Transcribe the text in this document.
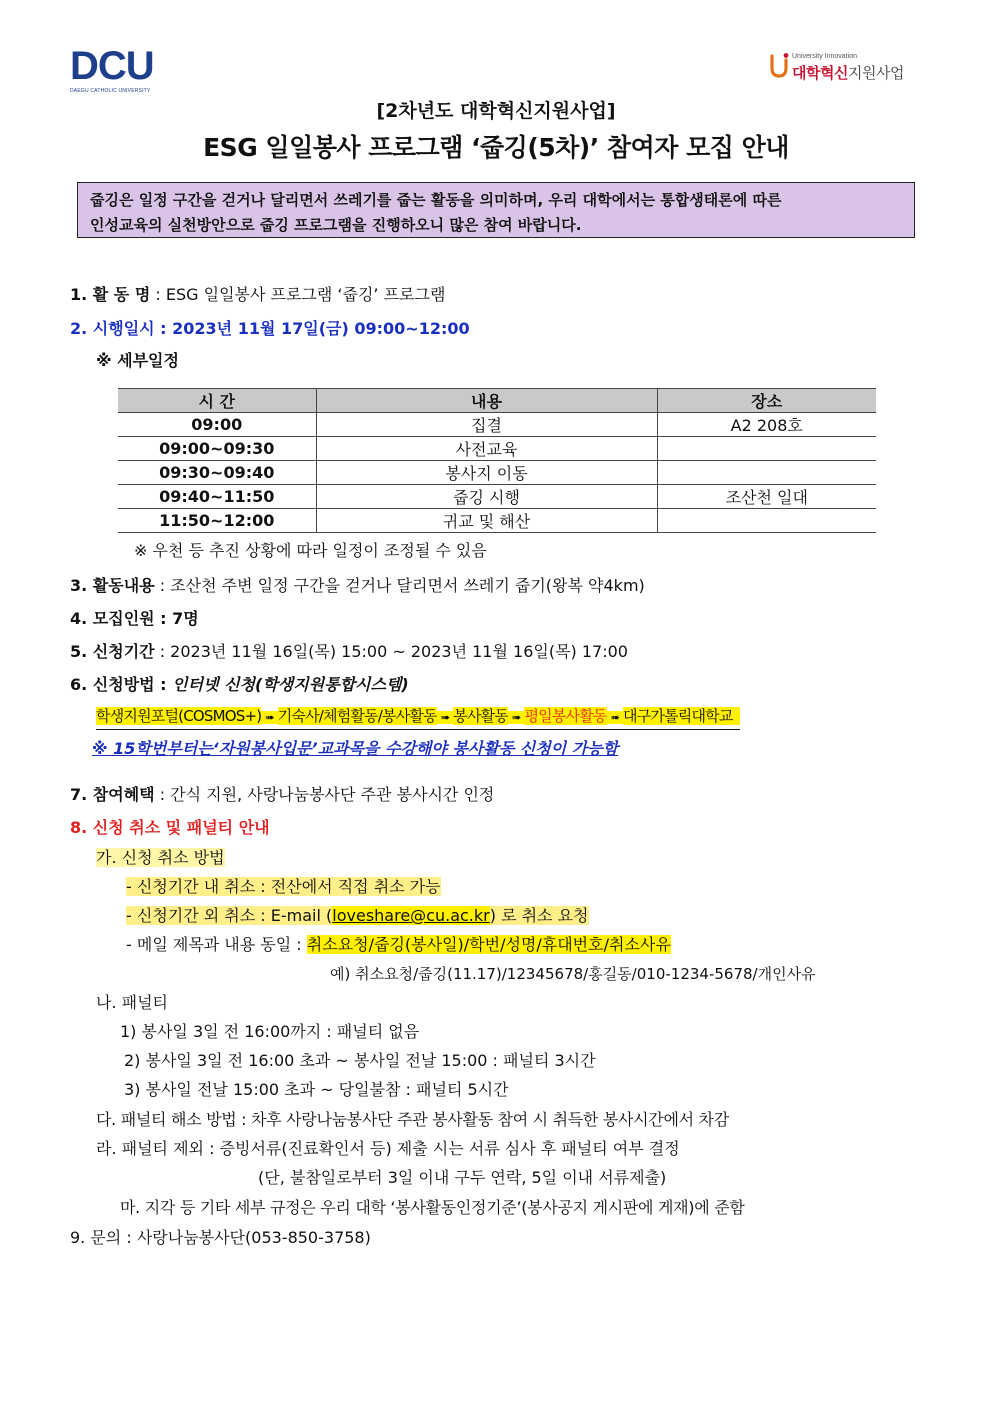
DCU
DAEGU CATHOLIC UNIVERSITY
University Innovation
대학혁신지원사업
[2차년도 대학혁신지원사업]
ESG 일일봉사 프로그램 ‘줍깅(5차)’ 참여자 모집 안내

줍깅은 일정 구간을 걷거나 달리면서 쓰레기를 줍는 활동을 의미하며, 우리 대학에서는 통합생태론에 따른

인성교육의 실천방안으로 줍깅 프로그램을 진행하오니 많은 참여 바랍니다.

1. 활 동 명 : ESG 일일봉사 프로그램 ‘줍깅’ 프로그램
2. 시행일시 : 2023년 11월 17일(금) 09:00~12:00
※ 세부일정
시 간	내용	장소
09:00	집결	A2 208호
09:00~09:30	사전교육	
09:30~09:40	봉사지 이동	
09:40~11:50	줍깅 시행	조산천 일대
11:50~12:00	귀교 및 해산	
※ 우천 등 추진 상황에 따라 일정이 조정될 수 있음
3. 활동내용 : 조산천 주변 일정 구간을 걷거나 달리면서 쓰레기 줍기(왕복 약4km)
4. 모집인원 : 7명
5. 신청기간 : 2023년 11월 16일(목) 15:00 ~ 2023년 11월 16일(목) 17:00
6. 신청방법 : 인터넷 신청(학생지원통합시스템)
학생지원포털(COSMOS+) ➠ 기숙사/체험활동/봉사활동 ➠ 봉사활동 ➠ 평일봉사활동 ➠ 대구가톨릭대학교
※ 15학번부터는‘자원봉사입문’교과목을 수강해야 봉사활동 신청이 가능함
7. 참여혜택 : 간식 지원, 사랑나눔봉사단 주관 봉사시간 인정
8. 신청 취소 및 패널티 안내
가. 신청 취소 방법
- 신청기간 내 취소 : 전산에서 직접 취소 가능
- 신청기간 외 취소 : E-mail (loveshare@cu.ac.kr) 로 취소 요청
- 메일 제목과 내용 동일 : 취소요청/줍깅(봉사일)/학번/성명/휴대번호/취소사유
예) 취소요청/줍깅(11.17)/12345678/홍길동/010-1234-5678/개인사유
나. 패널티
1) 봉사일 3일 전 16:00까지 : 패널티 없음
2) 봉사일 3일 전 16:00 초과 ~ 봉사일 전날 15:00 : 패널티 3시간
3) 봉사일 전날 15:00 초과 ~ 당일불참 : 패널티 5시간
다. 패널티 해소 방법 : 차후 사랑나눔봉사단 주관 봉사활동 참여 시 취득한 봉사시간에서 차감
라. 패널티 제외 : 증빙서류(진료확인서 등) 제출 시는 서류 심사 후 패널티 여부 결정
(단, 불참일로부터 3일 이내 구두 연락, 5일 이내 서류제출)
마. 지각 등 기타 세부 규정은 우리 대학 ‘봉사활동인정기준’(봉사공지 게시판에 게재)에 준함
9. 문의 : 사랑나눔봉사단(053-850-3758)
